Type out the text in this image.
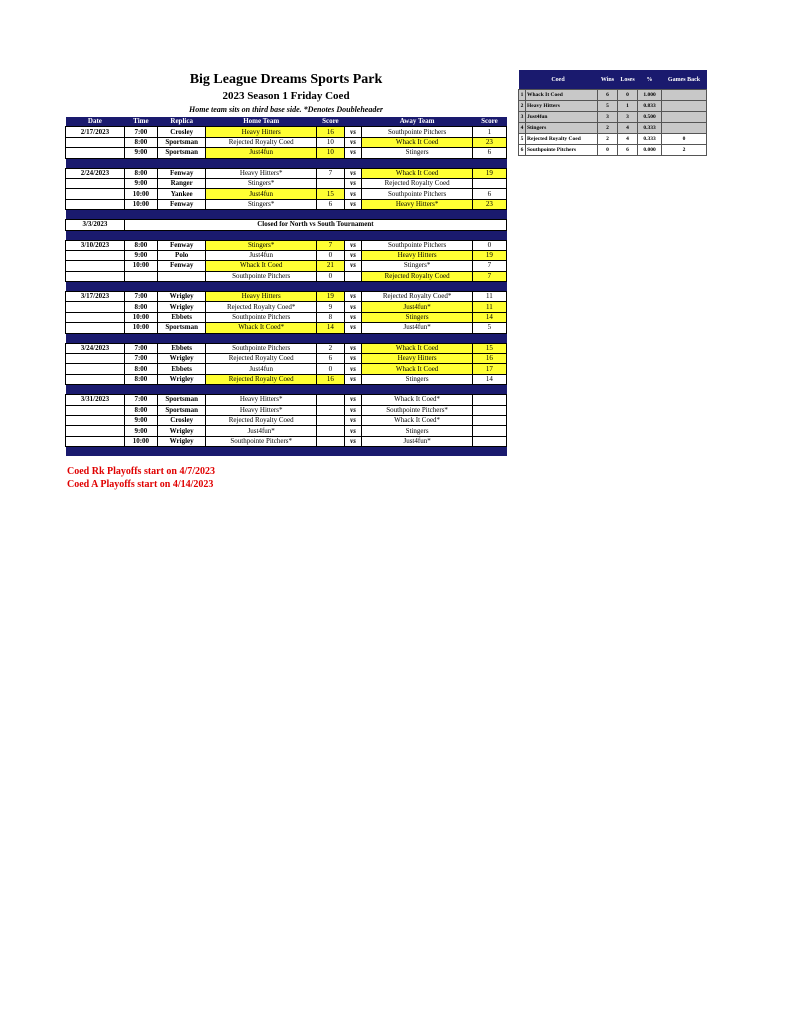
Big League Dreams Sports Park
2023 Season 1 Friday Coed
Home team sits on third base side. *Denotes Doubleheader
Date	Time	Replica	Home Team	Score		Away Team	Score
2/17/2023	7:00	Crosley	Heavy Hitters	16	vs	Southpointe Pitchers	1
	8:00	Sportsman	Rejected Royalty Coed	10	vs	Whack It Coed	23
	9:00	Sportsman	Just4fun	10	vs	Stingers	6

2/24/2023	8:00	Fenway	Heavy Hitters*	7	vs	Whack It Coed	19
	9:00	Ranger	Stingers*		vs	Rejected Royalty Coed	
	10:00	Yankee	Just4fun	15	vs	Southpointe Pitchers	6
	10:00	Fenway	Stingers*	6	vs	Heavy Hitters*	23

3/3/2023	Closed for North vs South Tournament						

3/10/2023	8:00	Fenway	Stingers*	7	vs	Southpointe Pitchers	0
	9:00	Polo	Just4fun	0	vs	Heavy Hitters	19
	10:00	Fenway	Whack It Coed	21	vs	Stingers*	7
			Southpointe Pitchers	0		Rejected Royalty Coed	7

3/17/2023	7:00	Wrigley	Heavy Hitters	19	vs	Rejected Royalty Coed*	11
	8:00	Wrigley	Rejected Royalty Coed*	9	vs	Just4fun*	11
	10:00	Ebbets	Southpointe Pitchers	8	vs	Stingers	14
	10:00	Sportsman	Whack It Coed*	14	vs	Just4fun*	5

3/24/2023	7:00	Ebbets	Southpointe Pitchers	2	vs	Whack It Coed	15
	7:00	Wrigley	Rejected Royalty Coed	6	vs	Heavy Hitters	16
	8:00	Ebbets	Just4fun	0	vs	Whack It Coed	17
	8:00	Wrigley	Rejected Royalty Coed	16	vs	Stingers	14

3/31/2023	7:00	Sportsman	Heavy Hitters*		vs	Whack It Coed*	
	8:00	Sportsman	Heavy Hitters*		vs	Southpointe Pitchers*	
	9:00	Crosley	Rejected Royalty Coed		vs	Whack It Coed*	
	9:00	Wrigley	Just4fun*		vs	Stingers	
	10:00	Wrigley	Southpointe Pitchers*		vs	Just4fun*	

Coed Rk Playoffs start on 4/7/2023
Coed A Playoffs start on 4/14/2023
Coed		Wins	Loses	%	Games Back
1	Whack It Coed	6	0	1.000	
2	Heavy Hitters	5	1	0.833	
3	Just4fun	3	3	0.500	
4	Stingers	2	4	0.333	
5	Rejected Royalty Coed	2	4	0.333	0
6	Southpointe Pitchers	0	6	0.000	2
